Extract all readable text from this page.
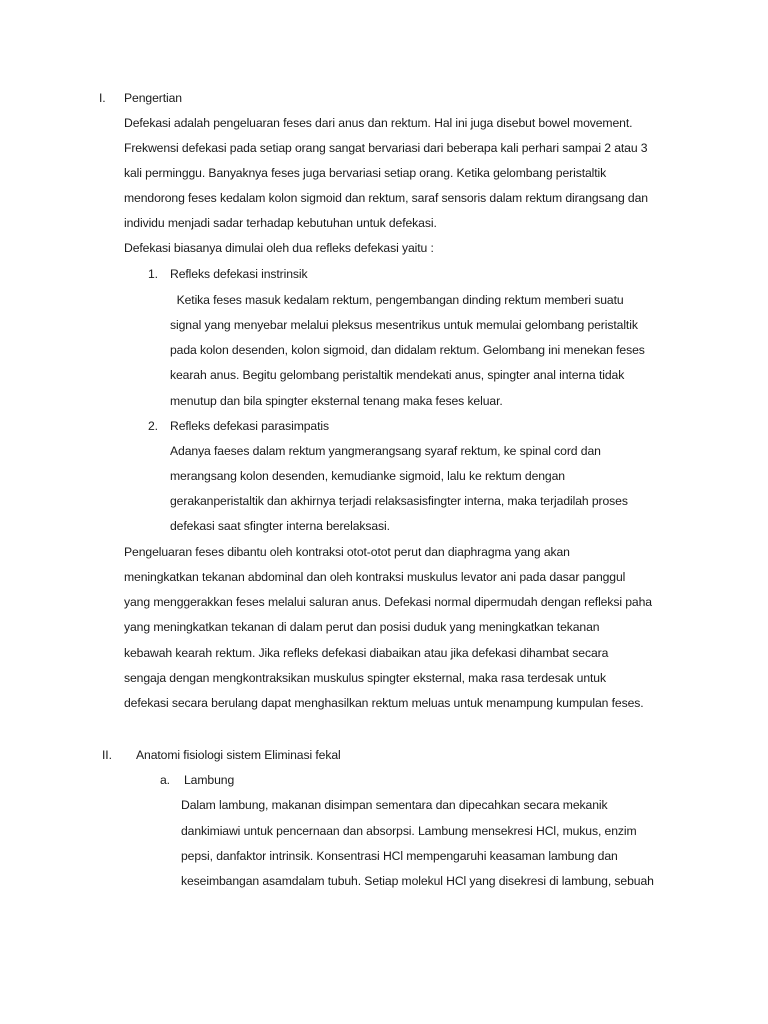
I. Pengertian
Defekasi adalah pengeluaran feses dari anus dan rektum. Hal ini juga disebut bowel movement.
Frekwensi defekasi pada setiap orang sangat bervariasi dari beberapa kali perhari sampai 2 atau 3
kali perminggu. Banyaknya feses juga bervariasi setiap orang. Ketika gelombang peristaltik
mendorong feses kedalam kolon sigmoid dan rektum, saraf sensoris dalam rektum dirangsang dan
individu menjadi sadar terhadap kebutuhan untuk defekasi.
Defekasi biasanya dimulai oleh dua refleks defekasi yaitu :
1. Refleks defekasi instrinsik
Ketika feses masuk kedalam rektum, pengembangan dinding rektum memberi suatu
signal yang menyebar melalui pleksus mesentrikus untuk memulai gelombang peristaltik
pada kolon desenden, kolon sigmoid, dan didalam rektum. Gelombang ini menekan feses
kearah anus. Begitu gelombang peristaltik mendekati anus, spingter anal interna tidak
menutup dan bila spingter eksternal tenang maka feses keluar.
2. Refleks defekasi parasimpatis
Adanya faeses dalam rektum yangmerangsang syaraf rektum, ke spinal cord dan
merangsang kolon desenden, kemudianke sigmoid, lalu ke rektum dengan
gerakanperistaltik dan akhirnya terjadi relaksasisfingter interna, maka terjadilah proses
defekasi saat sfingter interna berelaksasi.
Pengeluaran feses dibantu oleh kontraksi otot-otot perut dan diaphragma yang akan
meningkatkan tekanan abdominal dan oleh kontraksi muskulus levator ani pada dasar panggul
yang menggerakkan feses melalui saluran anus. Defekasi normal dipermudah dengan refleksi paha
yang meningkatkan tekanan di dalam perut dan posisi duduk yang meningkatkan tekanan
kebawah kearah rektum. Jika refleks defekasi diabaikan atau jika defekasi dihambat secara
sengaja dengan mengkontraksikan muskulus spingter eksternal, maka rasa terdesak untuk
defekasi secara berulang dapat menghasilkan rektum meluas untuk menampung kumpulan feses.
II. Anatomi fisiologi sistem Eliminasi fekal
a. Lambung
Dalam lambung, makanan disimpan sementara dan dipecahkan secara mekanik
dankimiawi untuk pencernaan dan absorpsi. Lambung mensekresi HCl, mukus, enzim
pepsi, danfaktor intrinsik. Konsentrasi HCl mempengaruhi keasaman lambung dan
keseimbangan asamdalam tubuh. Setiap molekul HCl yang disekresi di lambung, sebuah
